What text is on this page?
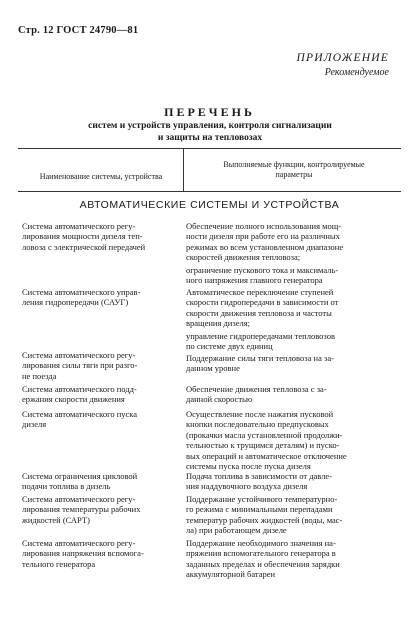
Стр. 12 ГОСТ 24790—81
ПРИЛОЖЕНИЕ
Рекомендуемое
ПЕРЕЧЕНЬ
систем и устройств управления, контроля сигнализации
и защиты на тепловозах
Наименование системы, устройства
Выполняемые функции, контролируемые
параметры
АВТОМАТИЧЕСКИЕ СИСТЕМЫ И УСТРОЙСТВА
Система автоматического регу-
лирования мощности дизеля теп-
ловоза с электрической передачей
Система автоматического управ-
ления гидропередачи (САУГ)
Система автоматического регу-
лирования силы тяги при разго-
не поезда
Система автоматического подд-
ержания скорости движения
Система автоматического пуска
дизеля
Система ограничения цикловой
подачи топлива в дизель
Система автоматического регу-
лирования температуры рабочих
жидкостей (САРТ)
Система автоматического регу-
лирования напряжения вспомога-
тельного генератора
Обеспечение полного использования мощ-
ности дизеля при работе его на различных
режимах во всем установленном диапазоне
скоростей движения тепловоза;
ограничение пускового тока и максималь-
ного напряжения главного генератора
Автоматическое переключение ступеней
скорости гидропередачи в зависимости от
скорости движения тепловоза и частоты
вращения дизеля;
управление гидропередачами тепловозов
по системе двух единиц
Поддержание силы тяги тепловоза на за-
данном уровне
Обеспечение движения тепловоза с за-
данной скоростью
Осуществление после нажатия пусковой
кнопки последовательно предпусковых
(прокачки масла установленной продолжи-
тельностью к трущимся деталям) и пуско-
вых операций и автоматическое отключение
системы пуска после пуска дизеля
Подача топлива в зависимости от давле-
ния наддувочного воздуха дизеля
Поддержание устойчивого температурно-
го режима с минимальными перепадами
температур рабочих жидкостей (воды, мас-
ла) при работающем дизеле
Поддержание необходимого значения на-
пряжения вспомогательного генератора в
заданных пределах и обеспечения зарядки
аккумуляторной батареи
